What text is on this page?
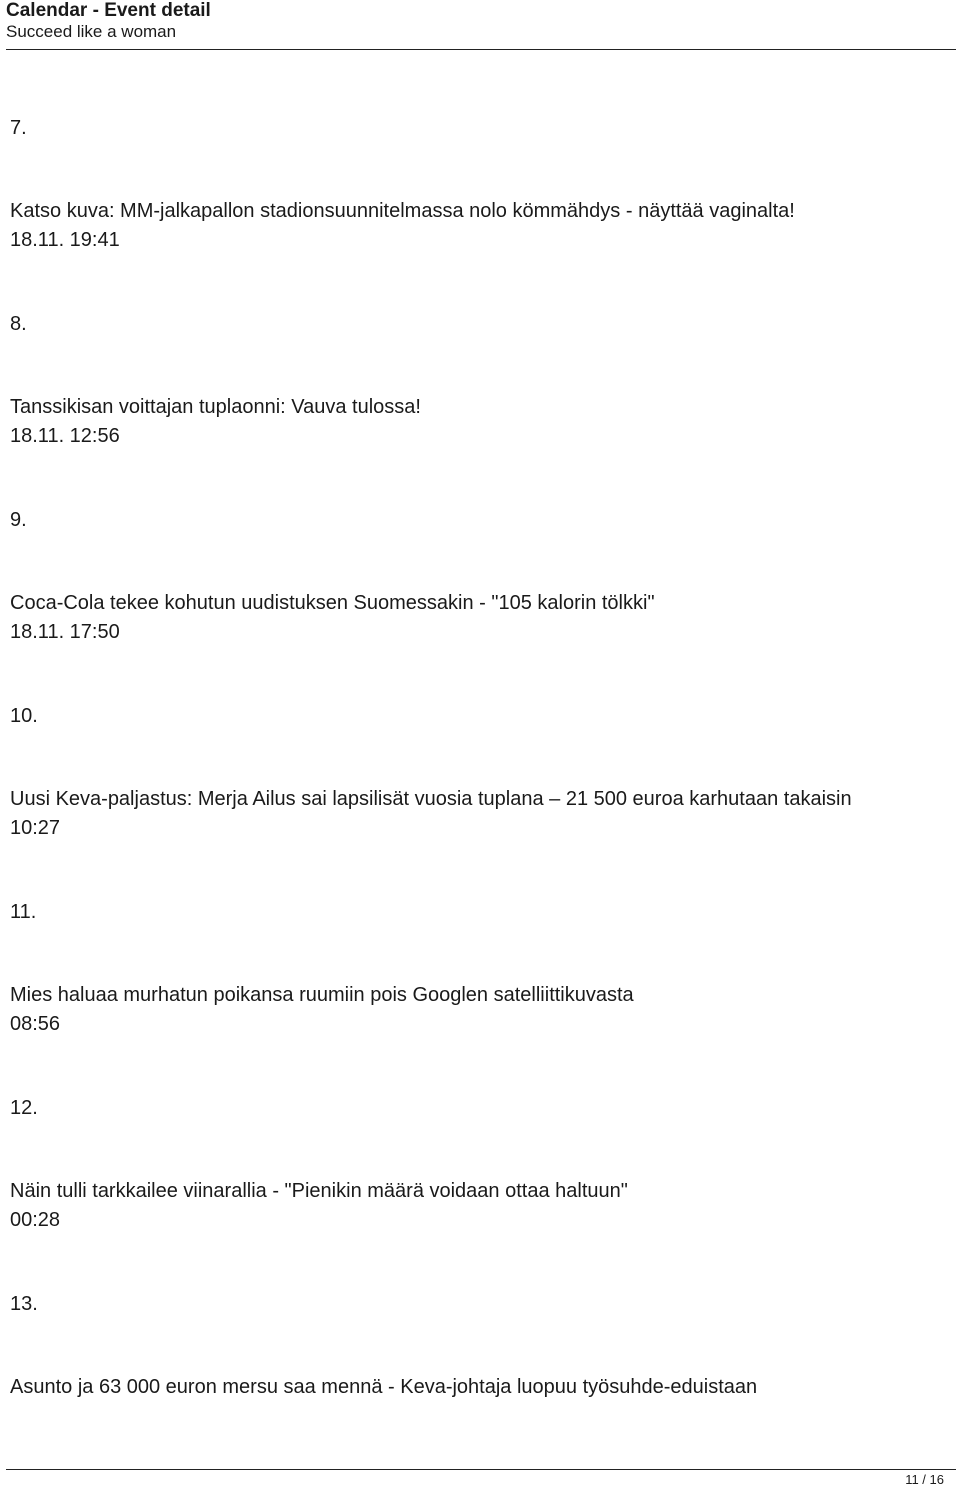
Calendar - Event detail
Succeed like a woman
7.
Katso kuva: MM-jalkapallon stadionsuunnitelmassa nolo kömmähdys - näyttää vaginalta!
18.11. 19:41
8.
Tanssikisan voittajan tuplaonni: Vauva tulossa!
18.11. 12:56
9.
Coca-Cola tekee kohutun uudistuksen Suomessakin - "105 kalorin tölkki"
18.11. 17:50
10.
Uusi Keva-paljastus: Merja Ailus sai lapsilisät vuosia tuplana – 21 500 euroa karhutaan takaisin
10:27
11.
Mies haluaa murhatun poikansa ruumiin pois Googlen satelliittikuvasta
08:56
12.
Näin tulli tarkkailee viinarallia - "Pienikin määrä voidaan ottaa haltuun"
00:28
13.
Asunto ja 63 000 euron mersu saa mennä - Keva-johtaja luopuu työsuhde-eduistaan
11 / 16
